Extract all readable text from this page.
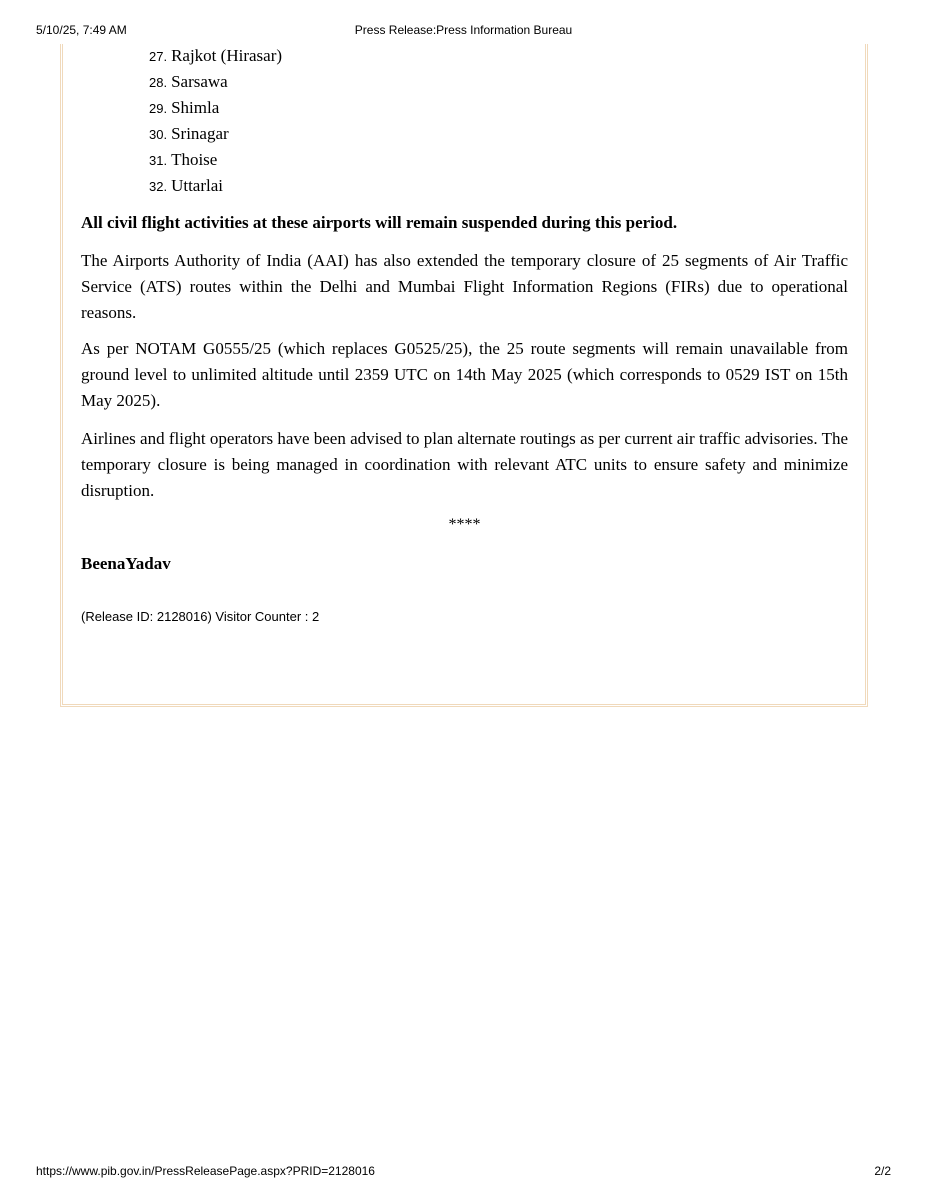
Press Release:Press Information Bureau
5/10/25, 7:49 AM
27. Rajkot (Hirasar)
28. Sarsawa
29. Shimla
30. Srinagar
31. Thoise
32. Uttarlai

All civil flight activities at these airports will remain suspended during this period.

The Airports Authority of India (AAI) has also extended the temporary closure of 25 segments of Air Traffic Service (ATS) routes within the Delhi and Mumbai Flight Information Regions (FIRs) due to operational reasons.

As per NOTAM G0555/25 (which replaces G0525/25), the 25 route segments will remain unavailable from ground level to unlimited altitude until 2359 UTC on 14th May 2025 (which corresponds to 0529 IST on 15th May 2025).

Airlines and flight operators have been advised to plan alternate routings as per current air traffic advisories. The temporary closure is being managed in coordination with relevant ATC units to ensure safety and minimize disruption.

****
BeenaYadav
(Release ID: 2128016) Visitor Counter : 2
https://www.pib.gov.in/PressReleasePage.aspx?PRID=2128016	2/2
